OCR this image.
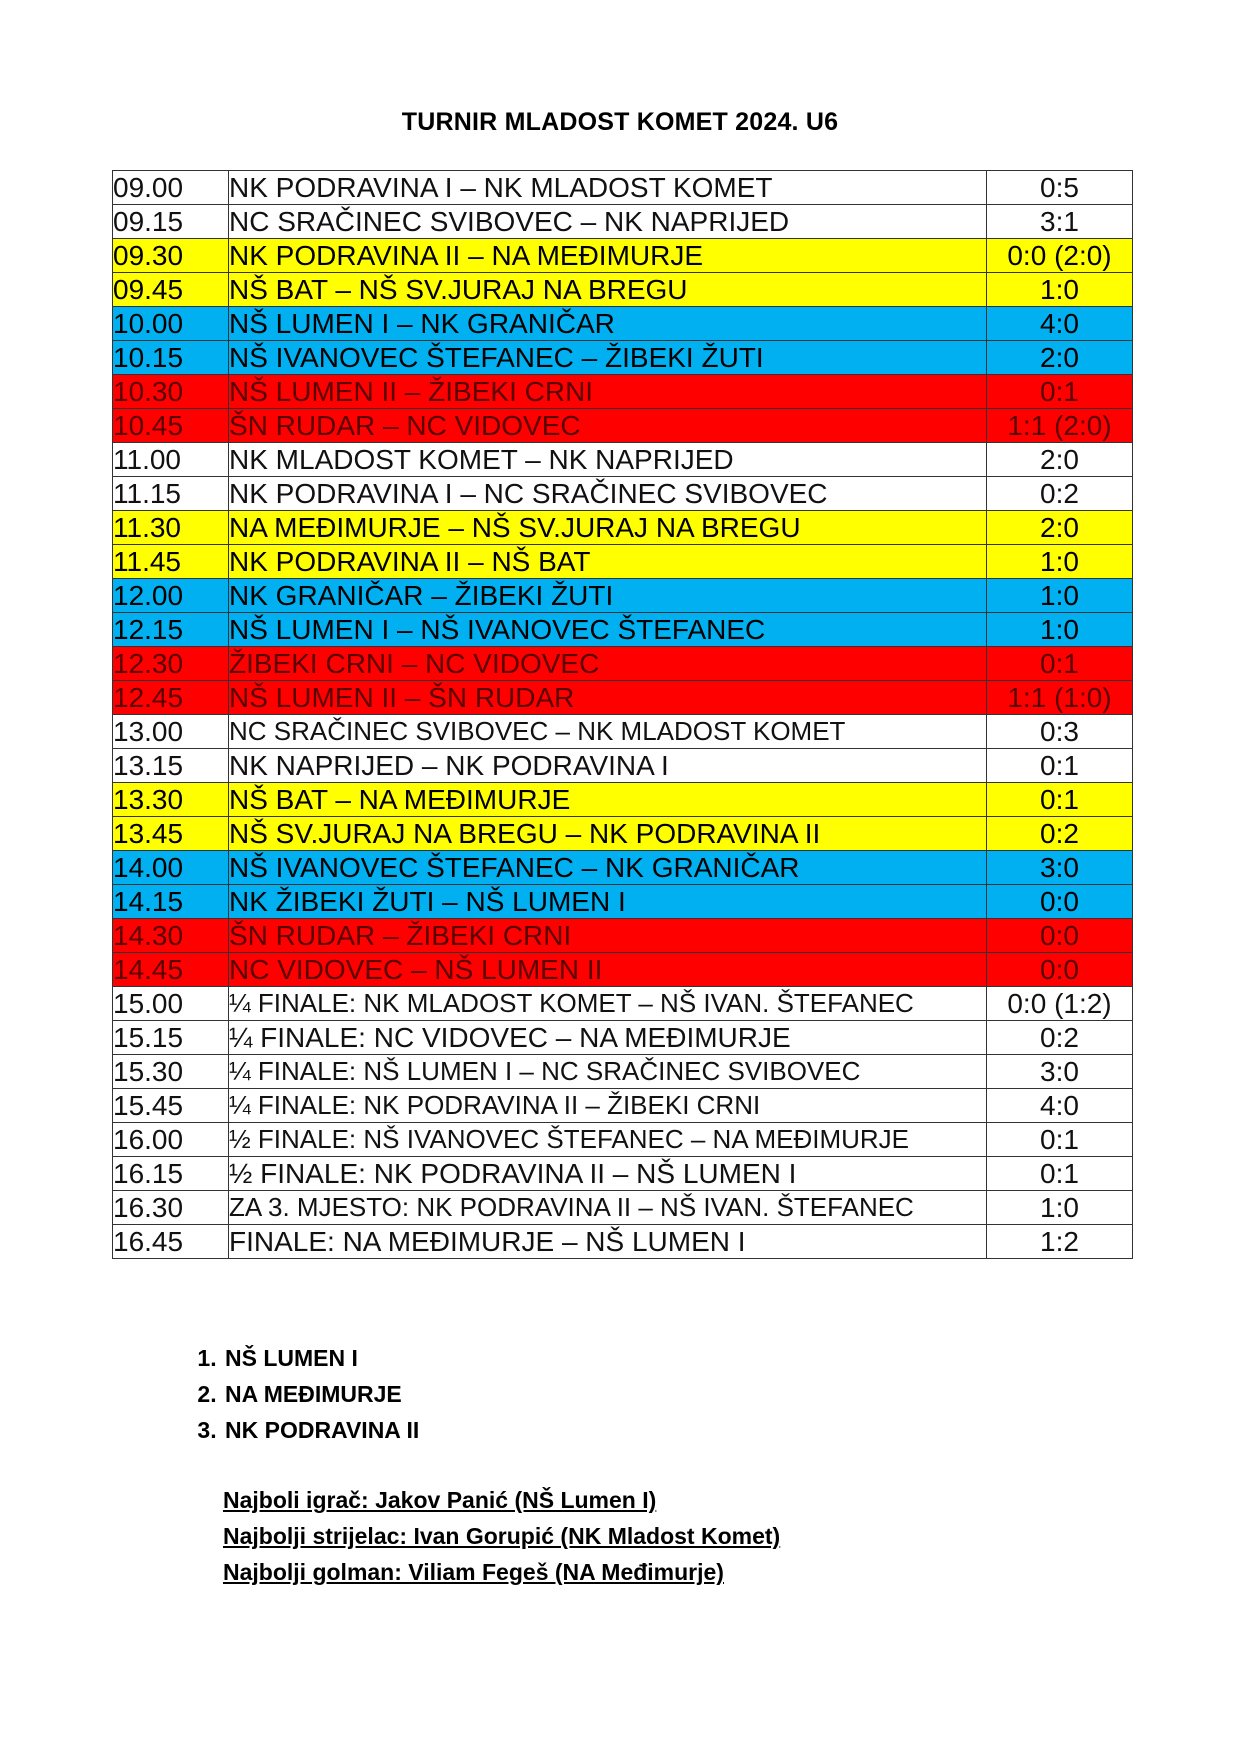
TURNIR MLADOST KOMET 2024. U6
09.00	NK PODRAVINA I – NK MLADOST KOMET	0:5
09.15	NC SRAČINEC SVIBOVEC – NK NAPRIJED	3:1
09.30	NK PODRAVINA II – NA MEĐIMURJE	0:0 (2:0)
09.45	NŠ BAT – NŠ SV.JURAJ NA BREGU	1:0
10.00	NŠ LUMEN I – NK GRANIČAR	4:0
10.15	NŠ IVANOVEC ŠTEFANEC – ŽIBEKI ŽUTI	2:0
10.30	NŠ LUMEN II – ŽIBEKI CRNI	0:1
10.45	ŠN RUDAR – NC VIDOVEC	1:1 (2:0)
11.00	NK MLADOST KOMET – NK NAPRIJED	2:0
11.15	NK PODRAVINA I – NC SRAČINEC SVIBOVEC	0:2
11.30	NA MEĐIMURJE – NŠ SV.JURAJ NA BREGU	2:0
11.45	NK PODRAVINA II – NŠ BAT	1:0
12.00	NK GRANIČAR – ŽIBEKI ŽUTI	1:0
12.15	NŠ LUMEN I – NŠ IVANOVEC ŠTEFANEC	1:0
12.30	ŽIBEKI CRNI – NC VIDOVEC	0:1
12.45	NŠ LUMEN II – ŠN RUDAR	1:1 (1:0)
13.00	NC SRAČINEC SVIBOVEC – NK MLADOST KOMET	0:3
13.15	NK NAPRIJED – NK PODRAVINA I	0:1
13.30	NŠ BAT – NA MEĐIMURJE	0:1
13.45	NŠ SV.JURAJ NA BREGU – NK PODRAVINA II	0:2
14.00	NŠ IVANOVEC ŠTEFANEC – NK GRANIČAR	3:0
14.15	NK ŽIBEKI ŽUTI – NŠ LUMEN I	0:0
14.30	ŠN RUDAR – ŽIBEKI CRNI	0:0
14.45	NC VIDOVEC – NŠ LUMEN II	0:0
15.00	¼ FINALE: NK MLADOST KOMET – NŠ IVAN. ŠTEFANEC	0:0 (1:2)
15.15	¼ FINALE: NC VIDOVEC – NA MEĐIMURJE	0:2
15.30	¼ FINALE: NŠ LUMEN I – NC SRAČINEC SVIBOVEC	3:0
15.45	¼ FINALE: NK PODRAVINA II – ŽIBEKI CRNI	4:0
16.00	½ FINALE: NŠ IVANOVEC ŠTEFANEC – NA MEĐIMURJE	0:1
16.15	½ FINALE: NK PODRAVINA II – NŠ LUMEN I	0:1
16.30	ZA 3. MJESTO: NK PODRAVINA II – NŠ IVAN. ŠTEFANEC	1:0
16.45	FINALE: NA MEĐIMURJE – NŠ LUMEN I	1:2
1. NŠ LUMEN I
2. NA MEĐIMURJE
3. NK PODRAVINA II
Najboli igrač: Jakov Panić (NŠ Lumen I)
Najbolji strijelac: Ivan Gorupić (NK Mladost Komet)
Najbolji golman: Viliam Fegeš (NA Međimurje)
